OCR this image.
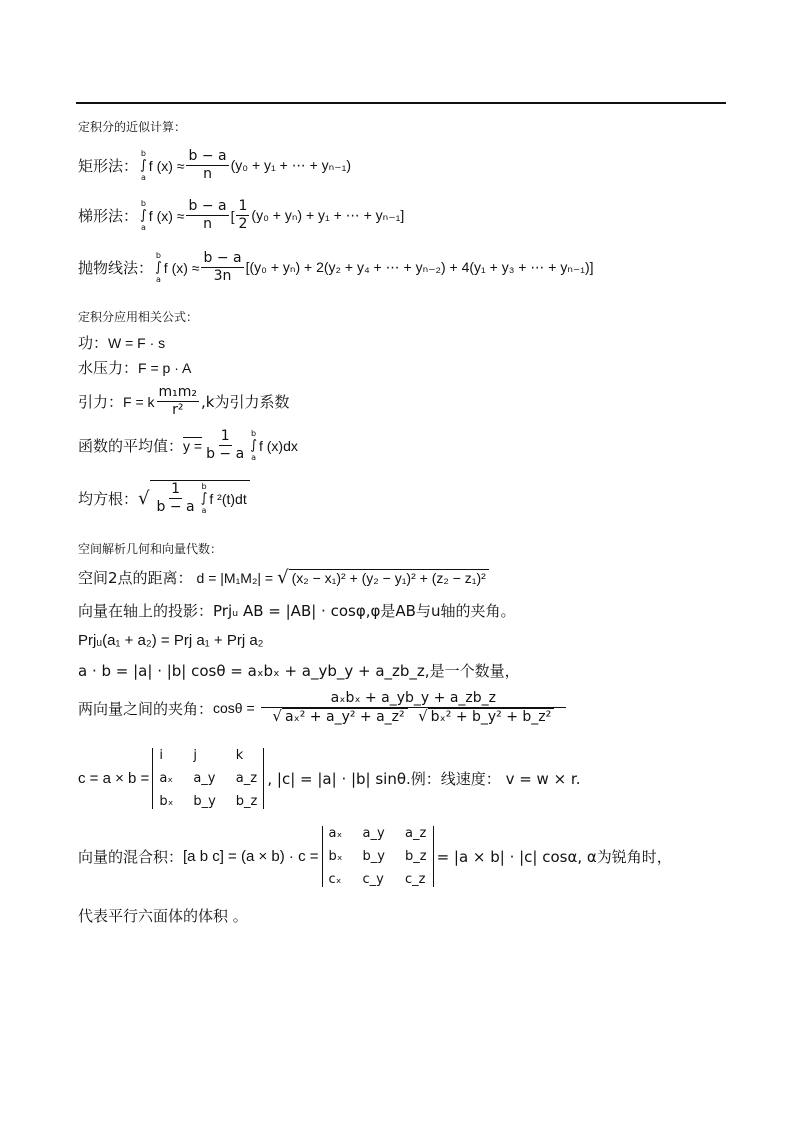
定积分的近似计算：
矩形法：
b
∫
a
f $(x) \approx \frac{b - a}{n} (y_0 + y_1$ + ⋯ + yₙ₋₁)
梯形法：
b
∫
a
f $(x) \approx \frac{b - a}{n}$ [ $\frac{1}{2} (y_0 + y_n) + y_1$ + ⋯ + yₙ₋₁]
抛物线法：
b
∫
a
f $(x) \approx \frac{b - a}{3n} [(y_0 + y_n) + 2(y_2 + y_4$ + ⋯ + yₙ₋₂) + 4(y₁ + y₃ + ⋯ + yₙ₋₁)]
定积分应用相关公式：
功： W = F · s
水压力： F = p · A
引力： F = k $\frac{\text{m₁m₂}}{\text{r²}} ,k$为引力系数
函数的平均值： $y = \frac{1}{b - a}$ b
∫
a
f (x)dx
均方根： √ $\frac{1}{b - a}$ b
∫
a
f ²(t)dt
空间解析几何和向量代数：
空间2点的距离： d = |M₁M₂| = √ (x₂ − x₁)² + (y₂ − y₁)² + (z₂ − z₁)²
向量在轴上的投影： Prjᵤ AB = |AB| · cosφ,φ是AB与u轴的夹角。
Prjᵤ(a₁ + a₂) = Prj a₁ + Prj a₂
a · b = |a| · |b| cosθ = aₓbₓ + a_yb_y + a_zb_z,是一个数量，
两向量之间的夹角： $\cos\theta = \frac{\text{aₓbₓ + a\_yb\_y + a\_zb\_z}}{\text{√ aₓ² + a\_y² + a\_z² √ bₓ² + b\_y² + b\_z²}}$
c = a × b =
i	j	k
aₓ a_y a_z
bₓ b_y b_z
, |c| = |a| · |b| sinθ.例：线速度： v = w × r.
向量的混合积： [a b c] = (a × b) · c =
aₓ a_y a_z
bₓ b_y b_z
cₓ c_y c_z
= |a × b| · |c| cosα, α为锐角时，
代表平行六面体的体积 。
